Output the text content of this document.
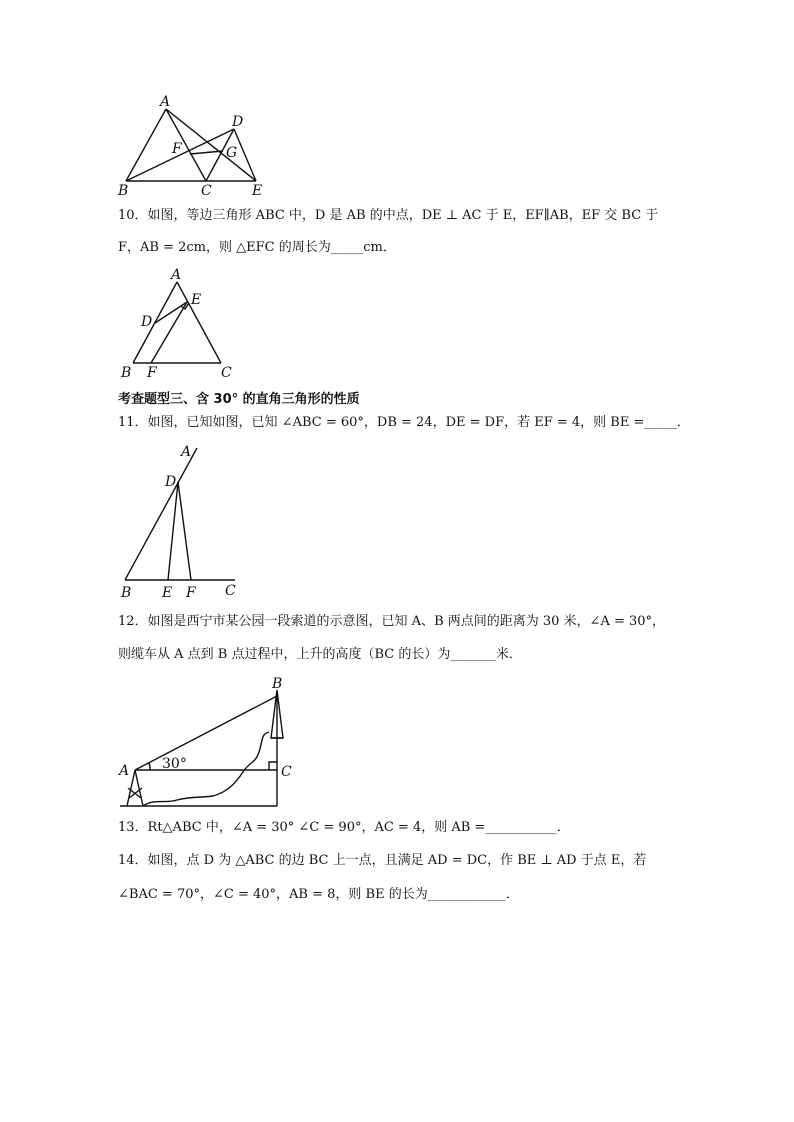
A
D
F	G
B	C	E
10．如图，等边三角形 ABC 中，D 是 AB 的中点，DE ⊥ AC 于 E，EF∥AB，EF 交 BC 于
F，AB = 2cm，则 △EFC 的周长为_____cm．
A
E
D
B F	C
考查题型三、含 30° 的直角三角形的性质
11．如图，已知如图，已知 ∠ABC = 60°，DB = 24，DE = DF，若 EF = 4，则 BE =_____．
A
D
B E F C
12．如图是西宁市某公园一段索道的示意图，已知 A、B 两点间的距离为 30 米，∠A = 30°，
则缆车从 A 点到 B 点过程中，上升的高度（BC 的长）为_______米．
A
B
C
30°
13．Rt△ABC 中，∠A = 30° ∠C = 90°，AC = 4，则 AB =___________．
14．如图，点 D 为 △ABC 的边 BC 上一点，且满足 AD = DC，作 BE ⊥ AD 于点 E，若
∠BAC = 70°，∠C = 40°，AB = 8，则 BE 的长为____________．
